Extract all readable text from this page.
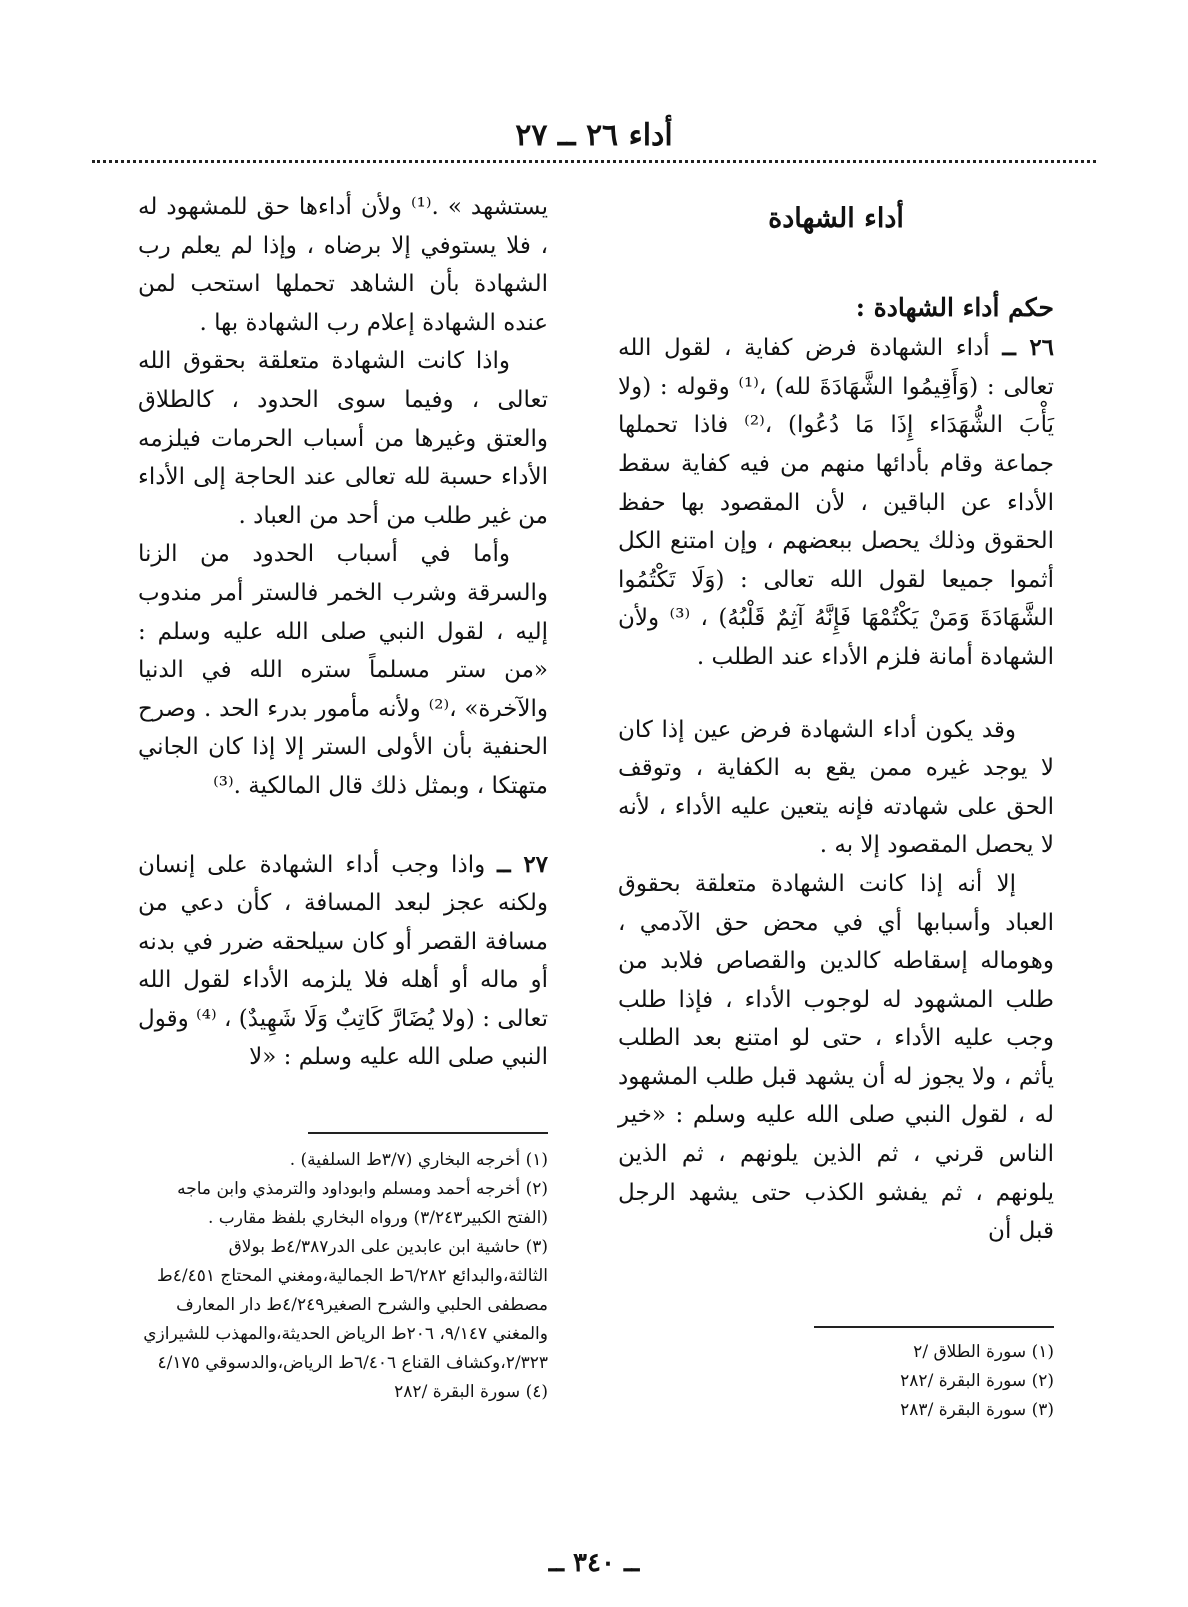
أداء ٢٦ ــ ٢٧

أداء الشهادة

حكم أداء الشهادة :

٢٦ ــ أداء الشهادة فرض كفاية ، لقول الله تعالى : (وَأَقِيمُوا الشَّهَادَةَ لله) ،⁽¹⁾ وقوله : (ولا يَأْبَ الشُّهَدَاء إِذَا مَا دُعُوا) ،⁽²⁾ فاذا تحملها جماعة وقام بأدائها منهم من فيه كفاية سقط الأداء عن الباقين ، لأن المقصود بها حفظ الحقوق وذلك يحصل ببعضهم ، وإن امتنع الكل أثموا جميعا لقول الله تعالى : (وَلَا تَكْتُمُوا الشَّهَادَةَ وَمَنْ يَكْتُمْهَا فَإِنَّهُ آثِمٌ قَلْبُهُ) ، ⁽³⁾ ولأن الشهادة أمانة فلزم الأداء عند الطلب .

وقد يكون أداء الشهادة فرض عين إذا كان لا يوجد غيره ممن يقع به الكفاية ، وتوقف الحق على شهادته فإنه يتعين عليه الأداء ، لأنه لا يحصل المقصود إلا به .

إلا أنه إذا كانت الشهادة متعلقة بحقوق العباد وأسبابها أي في محض حق الآدمي ، وهوماله إسقاطه كالدين والقصاص فلابد من طلب المشهود له لوجوب الأداء ، فإذا طلب وجب عليه الأداء ، حتى لو امتنع بعد الطلب يأثم ، ولا يجوز له أن يشهد قبل طلب المشهود له ، لقول النبي صلى الله عليه وسلم : «خير الناس قرني ، ثم الذين يلونهم ، ثم الذين يلونهم ، ثم يفشو الكذب حتى يشهد الرجل قبل أن

(١) سورة الطلاق /٢

(٢) سورة البقرة /٢٨٢

(٣) سورة البقرة /٢٨٣

يستشهد » .⁽¹⁾ ولأن أداءها حق للمشهود له ، فلا يستوفي إلا برضاه ، وإذا لم يعلم رب الشهادة بأن الشاهد تحملها استحب لمن عنده الشهادة إعلام رب الشهادة بها .

واذا كانت الشهادة متعلقة بحقوق الله تعالى ، وفيما سوى الحدود ، كالطلاق والعتق وغيرها من أسباب الحرمات فيلزمه الأداء حسبة لله تعالى عند الحاجة إلى الأداء من غير طلب من أحد من العباد .

وأما في أسباب الحدود من الزنا والسرقة وشرب الخمر فالستر أمر مندوب إليه ، لقول النبي صلى الله عليه وسلم : «من ستر مسلماً ستره الله في الدنيا والآخرة» ،⁽²⁾ ولأنه مأمور بدرء الحد . وصرح الحنفية بأن الأولى الستر إلا إذا كان الجاني متهتكا ، وبمثل ذلك قال المالكية .⁽³⁾

٢٧ ــ واذا وجب أداء الشهادة على إنسان ولكنه عجز لبعد المسافة ، كأن دعي من مسافة القصر أو كان سيلحقه ضرر في بدنه أو ماله أو أهله فلا يلزمه الأداء لقول الله تعالى : (ولا يُضَارَّ كَاتِبٌ وَلَا شَهِيدٌ) ، ⁽⁴⁾ وقول النبي صلى الله عليه وسلم : «لا

(١) أخرجه البخاري (٣/٧ط السلفية) .

(٢) أخرجه أحمد ومسلم وابوداود والترمذي وابن ماجه (الفتح الكبير٣/٢٤٣) ورواه البخاري بلفظ مقارب .

(٣) حاشية ابن عابدين على الدر٤/٣٨٧ط بولاق الثالثة،والبدائع ٦/٢٨٢ط الجمالية،ومغني المحتاج ٤/٤٥١ط مصطفى الحلبي والشرح الصغير٤/٢٤٩ط دار المعارف والمغني ٩/١٤٧، ٢٠٦ط الرياض الحديثة،والمهذب للشيرازي ٢/٣٢٣،وكشاف القناع ٦/٤٠٦ط الرياض،والدسوقي ٤/١٧٥

(٤) سورة البقرة /٢٨٢

ــ ٣٤٠ ــ
